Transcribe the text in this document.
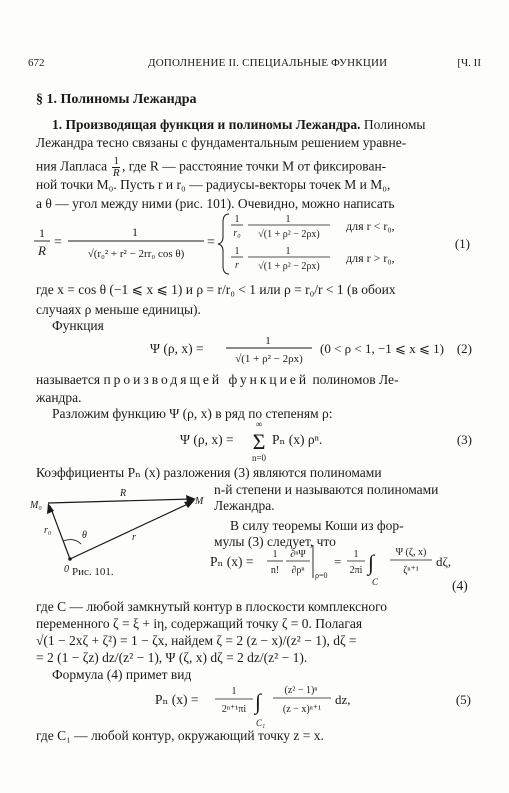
672	ДОПОЛНЕНИЕ II. СПЕЦИАЛЬНЫЕ ФУНКЦИИ	[Ч. II
§ 1. Полиномы Лежандра
1. Производящая функция и полиномы Лежандра. Полиномы
Лежандра тесно связаны с фундаментальным решением уравне-
ния Лапласа $\frac{1}{R}$ , где R — расстояние точки M от фиксирован-
ной точки M₀. Пусть r и r₀ — радиусы-векторы точек M и M₀,
а θ — угол между ними (рис. 101). Очевидно, можно написать
1
R
=
1
√(r₀² + r² − 2rr₀ cos θ)
=
1
r₀
1
√(1 + ρ² − 2ρx)
для r < r₀,
1
r
1
√(1 + ρ² − 2ρx)
для r > r₀,
(1)
где x = cos θ (−1 ⩽ x ⩽ 1) и ρ = r/r₀ < 1 или ρ = r₀/r < 1 (в обоих
случаях ρ меньше единицы).
Функция
Ψ (ρ, x) =	1
√(1 + ρ² − 2ρx)
(0 < ρ < 1, −1 ⩽ x ⩽ 1) (2)
называется производящей функцией полиномов Ле-
жандра.
Разложим функцию Ψ (ρ, x) в ряд по степеням ρ:
Ψ (ρ, x) =
∞
Σ
n=0
Pₙ (x) ρⁿ.	(3)
Коэффициенты Pₙ (x) разложения (3) являются полиномами
n-й степени и называются полиномами
Лежандра.
В силу теоремы Коши из фор-
мулы (3) следует, что
M₀	M
R
r₀
r
θ
0 Рис. 101.
Pₙ (x) = 1
n!
∂ⁿΨ
∂ρⁿ ρ=0
= 1
2πi ∫
C
Ψ (ζ, x)
ζⁿ⁺¹
dζ,
(4)
где C — любой замкнутый контур в плоскости комплексного
переменного ζ = ξ + iη, содержащий точку ζ = 0. Полагая
√(1 − 2xζ + ζ²) = 1 − ζx, найдем ζ = 2 (z − x)/(z² − 1), dζ =
= 2 (1 − ζz) dz/(z² − 1), Ψ (ζ, x) dζ = 2 dz/(z² − 1).
Формула (4) примет вид
Pₙ (x) =
1
2ⁿ⁺¹πi ∫
C₁
(z² − 1)ⁿ
(z − x)ⁿ⁺¹
dz,	(5)
где C₁ — любой контур, окружающий точку z = x.
